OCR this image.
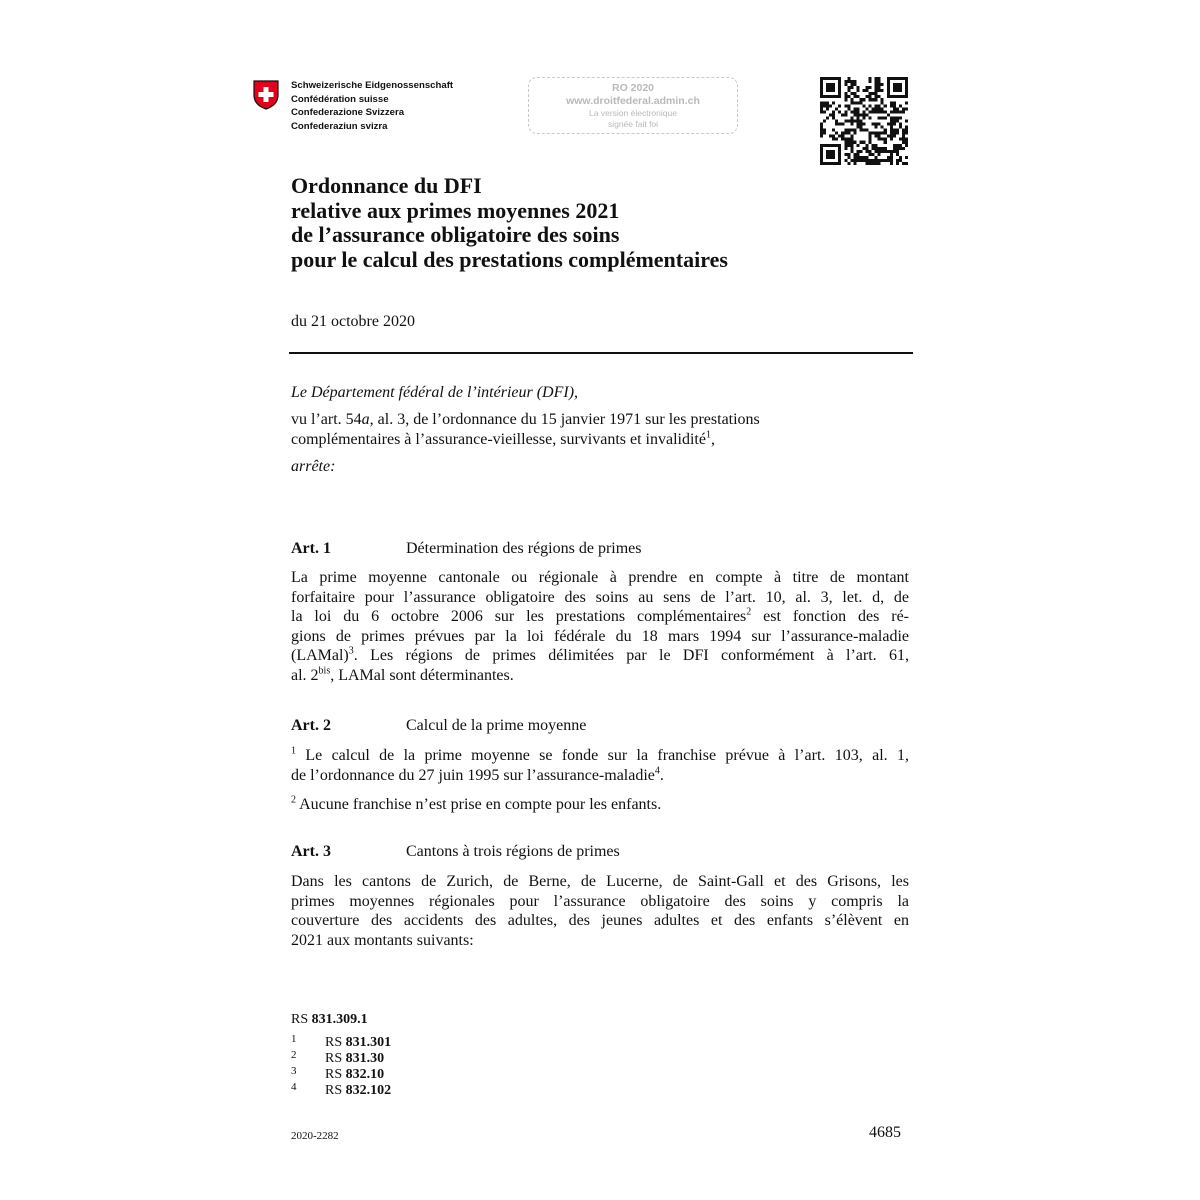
Schweizerische Eidgenossenschaft
Confédération suisse
Confederazione Svizzera
Confederaziun svizra
RO 2020
www.droitfederal.admin.ch
La version électronique
signée fait foi
Ordonnance du DFI
relative aux primes moyennes 2021
de l’assurance obligatoire des soins
pour le calcul des prestations complémentaires
du 21 octobre 2020
Le Département fédéral de l’intérieur (DFI),
vu l’art. 54a, al. 3, de l’ordonnance du 15 janvier 1971 sur les prestations
complémentaires à l’assurance-vieillesse, survivants et invalidité$^1$,
arrête:
Art. 1	Détermination des régions de primes
La prime moyenne cantonale ou régionale à prendre en compte à titre de montant
forfaitaire pour l’assurance obligatoire des soins au sens de l’art. 10, al. 3, let. d, de
la loi du 6 octobre 2006 sur les prestations complémentaires$^2$ est fonction des ré-
gions de primes prévues par la loi fédérale du 18 mars 1994 sur l’assurance-maladie
(LAMal)$^3$. Les régions de primes délimitées par le DFI conformément à l’art. 61,
al. $2^{bis}$, LAMal sont déterminantes.
Art. 2	Calcul de la prime moyenne
$^1$ Le calcul de la prime moyenne se fonde sur la franchise prévue à l’art. 103, al. 1,
de l’ordonnance du 27 juin 1995 sur l’assurance-maladie$^4$.
$^2$ Aucune franchise n’est prise en compte pour les enfants.
Art. 3	Cantons à trois régions de primes
Dans les cantons de Zurich, de Berne, de Lucerne, de Saint-Gall et des Grisons, les
primes moyennes régionales pour l’assurance obligatoire des soins y compris la
couverture des accidents des adultes, des jeunes adultes et des enfants s’élèvent en
2021 aux montants suivants:
RS 831.309.1
1 RS 831.301
2 RS 831.30
3 RS 832.10
4 RS 832.102
2020-2282	4685
